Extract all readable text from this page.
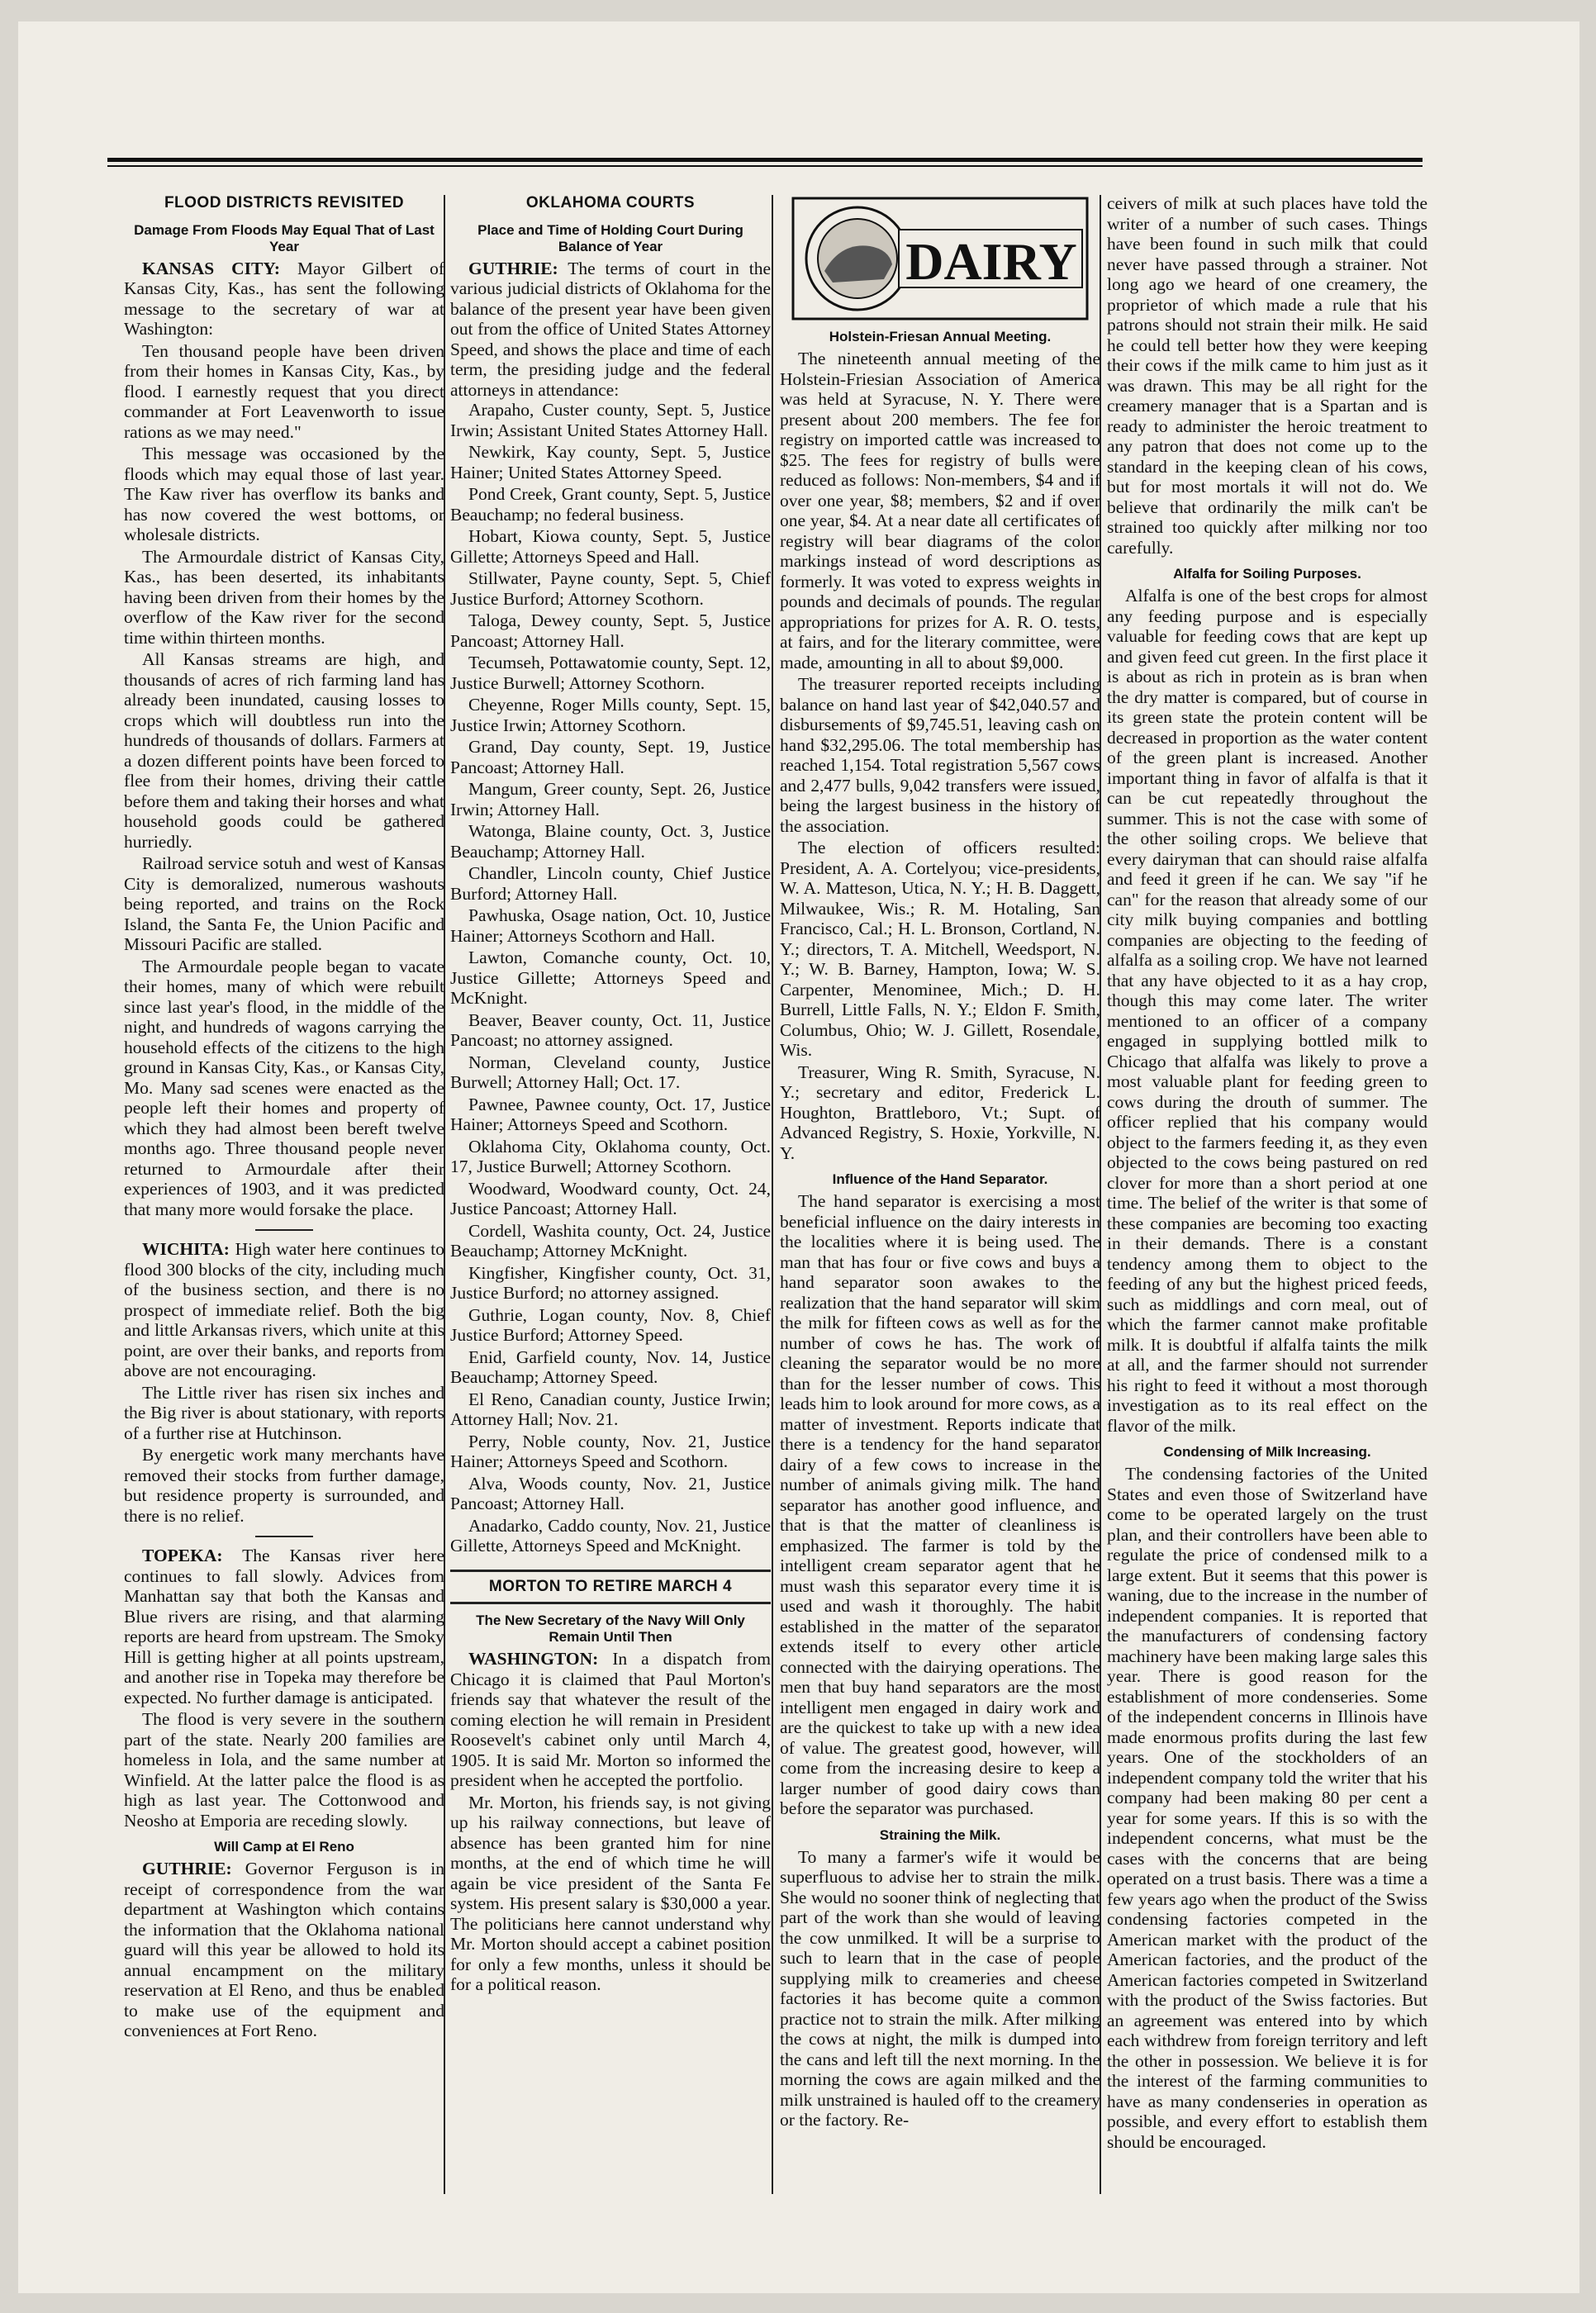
FLOOD DISTRICTS REVISITED
Damage From Floods May Equal That of Last Year

KANSAS CITY: Mayor Gilbert of Kansas City, Kas., has sent the following message to the secretary of war at Washington:

Ten thousand people have been driven from their homes in Kansas City, Kas., by flood. I earnestly request that you direct commander at Fort Leavenworth to issue rations as we may need."

This message was occasioned by the floods which may equal those of last year. The Kaw river has overflow its banks and has now covered the west bottoms, or wholesale districts.

The Armourdale district of Kansas City, Kas., has been deserted, its inhabitants having been driven from their homes by the overflow of the Kaw river for the second time within thirteen months.

All Kansas streams are high, and thousands of acres of rich farming land has already been inundated, causing losses to crops which will doubtless run into the hundreds of thousands of dollars. Farmers at a dozen different points have been forced to flee from their homes, driving their cattle before them and taking their horses and what household goods could be gathered hurriedly.

Railroad service sotuh and west of Kansas City is demoralized, numerous washouts being reported, and trains on the Rock Island, the Santa Fe, the Union Pacific and Missouri Pacific are stalled.

The Armourdale people began to vacate their homes, many of which were rebuilt since last year's flood, in the middle of the night, and hundreds of wagons carrying the household effects of the citizens to the high ground in Kansas City, Kas., or Kansas City, Mo. Many sad scenes were enacted as the people left their homes and property of which they had almost been bereft twelve months ago. Three thousand people never returned to Armourdale after their experiences of 1903, and it was predicted that many more would forsake the place.

WICHITA: High water here continues to flood 300 blocks of the city, including much of the business section, and there is no prospect of immediate relief. Both the big and little Arkansas rivers, which unite at this point, are over their banks, and reports from above are not encouraging.

The Little river has risen six inches and the Big river is about stationary, with reports of a further rise at Hutchinson.

By energetic work many merchants have removed their stocks from further damage, but residence property is surrounded, and there is no relief.

TOPEKA: The Kansas river here continues to fall slowly. Advices from Manhattan say that both the Kansas and Blue rivers are rising, and that alarming reports are heard from upstream. The Smoky Hill is getting higher at all points upstream, and another rise in Topeka may therefore be expected. No further damage is anticipated.

The flood is very severe in the southern part of the state. Nearly 200 families are homeless in Iola, and the same number at Winfield. At the latter palce the flood is as high as last year. The Cottonwood and Neosho at Emporia are receding slowly.

Will Camp at El Reno

GUTHRIE: Governor Ferguson is in receipt of correspondence from the war department at Washington which contains the information that the Oklahoma national guard will this year be allowed to hold its annual encampment on the military reservation at El Reno, and thus be enabled to make use of the equipment and conveniences at Fort Reno.

OKLAHOMA COURTS
Place and Time of Holding Court During Balance of Year

GUTHRIE: The terms of court in the various judicial districts of Oklahoma for the balance of the present year have been given out from the office of United States Attorney Speed, and shows the place and time of each term, the presiding judge and the federal attorneys in attendance:

Arapaho, Custer county, Sept. 5, Justice Irwin; Assistant United States Attorney Hall.

Newkirk, Kay county, Sept. 5, Justice Hainer; United States Attorney Speed.

Pond Creek, Grant county, Sept. 5, Justice Beauchamp; no federal business.

Hobart, Kiowa county, Sept. 5, Justice Gillette; Attorneys Speed and Hall.

Stillwater, Payne county, Sept. 5, Chief Justice Burford; Attorney Scothorn.

Taloga, Dewey county, Sept. 5, Justice Pancoast; Attorney Hall.

Tecumseh, Pottawatomie county, Sept. 12, Justice Burwell; Attorney Scothorn.

Cheyenne, Roger Mills county, Sept. 15, Justice Irwin; Attorney Scothorn.

Grand, Day county, Sept. 19, Justice Pancoast; Attorney Hall.

Mangum, Greer county, Sept. 26, Justice Irwin; Attorney Hall.

Watonga, Blaine county, Oct. 3, Justice Beauchamp; Attorney Hall.

Chandler, Lincoln county, Chief Justice Burford; Attorney Hall.

Pawhuska, Osage nation, Oct. 10, Justice Hainer; Attorneys Scothorn and Hall.

Lawton, Comanche county, Oct. 10, Justice Gillette; Attorneys Speed and McKnight.

Beaver, Beaver county, Oct. 11, Justice Pancoast; no attorney assigned.

Norman, Cleveland county, Justice Burwell; Attorney Hall; Oct. 17.

Pawnee, Pawnee county, Oct. 17, Justice Hainer; Attorneys Speed and Scothorn.

Oklahoma City, Oklahoma county, Oct. 17, Justice Burwell; Attorney Scothorn.

Woodward, Woodward county, Oct. 24, Justice Pancoast; Attorney Hall.

Cordell, Washita county, Oct. 24, Justice Beauchamp; Attorney McKnight.

Kingfisher, Kingfisher county, Oct. 31, Justice Burford; no attorney assigned.

Guthrie, Logan county, Nov. 8, Chief Justice Burford; Attorney Speed.

Enid, Garfield county, Nov. 14, Justice Beauchamp; Attorney Speed.

El Reno, Canadian county, Justice Irwin; Attorney Hall; Nov. 21.

Perry, Noble county, Nov. 21, Justice Hainer; Attorneys Speed and Scothorn.

Alva, Woods county, Nov. 21, Justice Pancoast; Attorney Hall.

Anadarko, Caddo county, Nov. 21, Justice Gillette, Attorneys Speed and McKnight.

MORTON TO RETIRE MARCH 4
The New Secretary of the Navy Will Only Remain Until Then

WASHINGTON: In a dispatch from Chicago it is claimed that Paul Morton's friends say that whatever the result of the coming election he will remain in President Roosevelt's cabinet only until March 4, 1905. It is said Mr. Morton so informed the president when he accepted the portfolio.

Mr. Morton, his friends say, is not giving up his railway connections, but leave of absence has been granted him for nine months, at the end of which time he will again be vice president of the Santa Fe system. His present salary is $30,000 a year. The politicians here cannot understand why Mr. Morton should accept a cabinet position for only a few months, unless it should be for a political reason.

DAIRY
Holstein-Friesan Annual Meeting.

The nineteenth annual meeting of the Holstein-Friesian Association of America was held at Syracuse, N. Y. There were present about 200 members. The fee for registry on imported cattle was increased to $25. The fees for registry of bulls were reduced as follows: Non-members, $4 and if over one year, $8; members, $2 and if over one year, $4. At a near date all certificates of registry will bear diagrams of the color markings instead of word descriptions as formerly. It was voted to express weights in pounds and decimals of pounds. The regular appropriations for prizes for A. R. O. tests, at fairs, and for the literary committee, were made, amounting in all to about $9,000.

The treasurer reported receipts including balance on hand last year of $42,040.57 and disbursements of $9,745.51, leaving cash on hand $32,295.06. The total membership has reached 1,154. Total registration 5,567 cows and 2,477 bulls, 9,042 transfers were issued, being the largest business in the history of the association.

The election of officers resulted: President, A. A. Cortelyou; vice-presidents, W. A. Matteson, Utica, N. Y.; H. B. Daggett, Milwaukee, Wis.; R. M. Hotaling, San Francisco, Cal.; H. L. Bronson, Cortland, N. Y.; directors, T. A. Mitchell, Weedsport, N. Y.; W. B. Barney, Hampton, Iowa; W. S. Carpenter, Menominee, Mich.; D. H. Burrell, Little Falls, N. Y.; Eldon F. Smith, Columbus, Ohio; W. J. Gillett, Rosendale, Wis.

Treasurer, Wing R. Smith, Syracuse, N. Y.; secretary and editor, Frederick L. Houghton, Brattleboro, Vt.; Supt. of Advanced Registry, S. Hoxie, Yorkville, N. Y.

Influence of the Hand Separator.

The hand separator is exercising a most beneficial influence on the dairy interests in the localities where it is being used. The man that has four or five cows and buys a hand separator soon awakes to the realization that the hand separator will skim the milk for fifteen cows as well as for the number of cows he has. The work of cleaning the separator would be no more than for the lesser number of cows. This leads him to look around for more cows, as a matter of investment. Reports indicate that there is a tendency for the hand separator dairy of a few cows to increase in the number of animals giving milk. The hand separator has another good influence, and that is that the matter of cleanliness is emphasized. The farmer is told by the intelligent cream separator agent that he must wash this separator every time it is used and wash it thoroughly. The habit established in the matter of the separator extends itself to every other article connected with the dairying operations. The men that buy hand separators are the most intelligent men engaged in dairy work and are the quickest to take up with a new idea of value. The greatest good, however, will come from the increasing desire to keep a larger number of good dairy cows than before the separator was purchased.

Straining the Milk.

To many a farmer's wife it would be superfluous to advise her to strain the milk. She would no sooner think of neglecting that part of the work than she would of leaving the cow unmilked. It will be a surprise to such to learn that in the case of people supplying milk to creameries and cheese factories it has become quite a common practice not to strain the milk. After milking the cows at night, the milk is dumped into the cans and left till the next morning. In the morning the cows are again milked and the milk unstrained is hauled off to the creamery or the factory. Re-

ceivers of milk at such places have told the writer of a number of such cases. Things have been found in such milk that could never have passed through a strainer. Not long ago we heard of one creamery, the proprietor of which made a rule that his patrons should not strain their milk. He said he could tell better how they were keeping their cows if the milk came to him just as it was drawn. This may be all right for the creamery manager that is a Spartan and is ready to administer the heroic treatment to any patron that does not come up to the standard in the keeping clean of his cows, but for most mortals it will not do. We believe that ordinarily the milk can't be strained too quickly after milking nor too carefully.

Alfalfa for Soiling Purposes.

Alfalfa is one of the best crops for almost any feeding purpose and is especially valuable for feeding cows that are kept up and given feed cut green. In the first place it is about as rich in protein as is bran when the dry matter is compared, but of course in its green state the protein content will be decreased in proportion as the water content of the green plant is increased. Another important thing in favor of alfalfa is that it can be cut repeatedly throughout the summer. This is not the case with some of the other soiling crops. We believe that every dairyman that can should raise alfalfa and feed it green if he can. We say "if he can" for the reason that already some of our city milk buying companies and bottling companies are objecting to the feeding of alfalfa as a soiling crop. We have not learned that any have objected to it as a hay crop, though this may come later. The writer mentioned to an officer of a company engaged in supplying bottled milk to Chicago that alfalfa was likely to prove a most valuable plant for feeding green to cows during the drouth of summer. The officer replied that his company would object to the farmers feeding it, as they even objected to the cows being pastured on red clover for more than a short period at one time. The belief of the writer is that some of these companies are becoming too exacting in their demands. There is a constant tendency among them to object to the feeding of any but the highest priced feeds, such as middlings and corn meal, out of which the farmer cannot make profitable milk. It is doubtful if alfalfa taints the milk at all, and the farmer should not surrender his right to feed it without a most thorough investigation as to its real effect on the flavor of the milk.

Condensing of Milk Increasing.

The condensing factories of the United States and even those of Switzerland have come to be operated largely on the trust plan, and their controllers have been able to regulate the price of condensed milk to a large extent. But it seems that this power is waning, due to the increase in the number of independent companies. It is reported that the manufacturers of condensing factory machinery have been making large sales this year. There is good reason for the establishment of more condenseries. Some of the independent concerns in Illinois have made enormous profits during the last few years. One of the stockholders of an independent company told the writer that his company had been making 80 per cent a year for some years. If this is so with the independent concerns, what must be the cases with the concerns that are being operated on a trust basis. There was a time a few years ago when the product of the Swiss condensing factories competed in the American market with the product of the American factories, and the product of the American factories competed in Switzerland with the product of the Swiss factories. But an agreement was entered into by which each withdrew from foreign territory and left the other in possession. We believe it is for the interest of the farming communities to have as many condenseries in operation as possible, and every effort to establish them should be encouraged.
